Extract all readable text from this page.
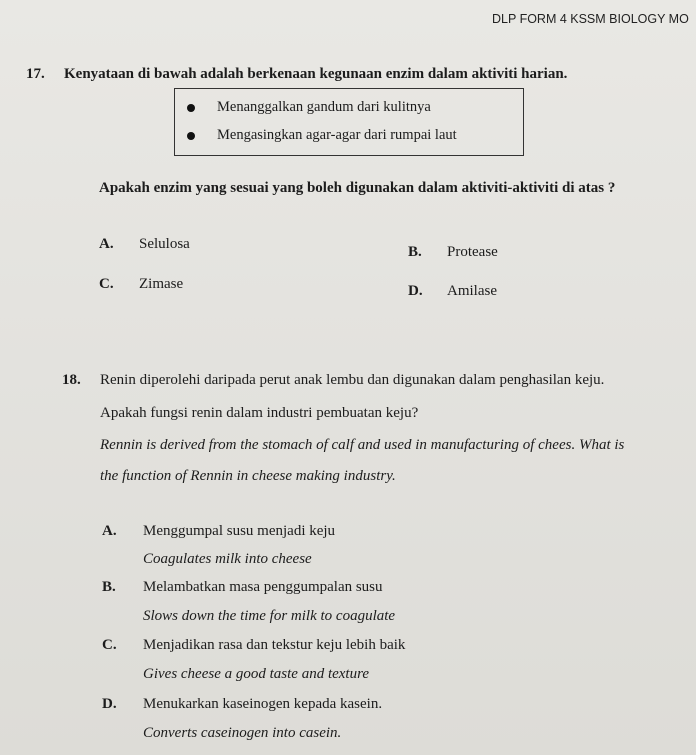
DLP FORM 4 KSSM BIOLOGY MO
17. Kenyataan di bawah adalah berkenaan kegunaan enzim dalam aktiviti harian.
Menanggalkan gandum dari kulitnya
Mengasingkan agar-agar dari rumpai laut
Apakah enzim yang sesuai yang boleh digunakan dalam aktiviti-aktiviti di atas ?
A. Selulosa	B. Protease
C. Zimase	D. Amilase
18. Renin diperolehi daripada perut anak lembu dan digunakan dalam penghasilan keju.
Apakah fungsi renin dalam industri pembuatan keju?
Rennin is derived from the stomach of calf and used in manufacturing of chees. What is
the function of Rennin in cheese making industry.
A. Menggumpal susu menjadi keju
Coagulates milk into cheese
B. Melambatkan masa penggumpalan susu
Slows down the time for milk to coagulate
C. Menjadikan rasa dan tekstur keju lebih baik
Gives cheese a good taste and texture
D. Menukarkan kaseinogen kepada kasein.
Converts caseinogen into casein.
